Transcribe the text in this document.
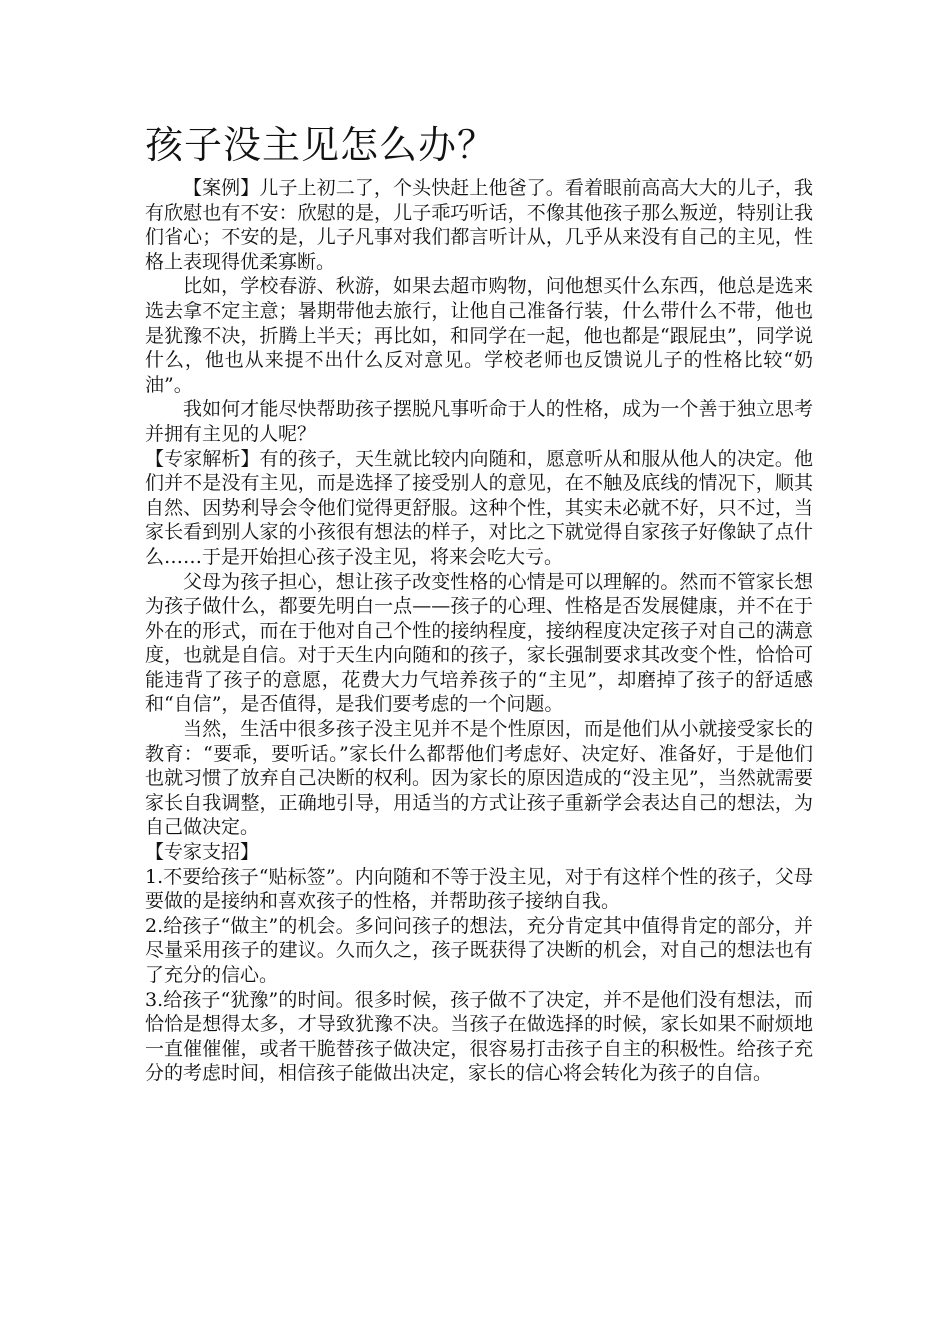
孩子没主见怎么办？

【案例】儿子上初二了，个头快赶上他爸了。看着眼前高高大大的儿子，我有欣慰也有不安：欣慰的是，儿子乖巧听话，不像其他孩子那么叛逆，特别让我们省心；不安的是，儿子凡事对我们都言听计从，几乎从来没有自己的主见，性格上表现得优柔寡断。

比如，学校春游、秋游，如果去超市购物，问他想买什么东西，他总是选来选去拿不定主意；暑期带他去旅行，让他自己准备行装，什么带什么不带，他也是犹豫不决，折腾上半天；再比如，和同学在一起，他也都是“跟屁虫”，同学说什么，他也从来提不出什么反对意见。学校老师也反馈说儿子的性格比较“奶油”。

我如何才能尽快帮助孩子摆脱凡事听命于人的性格，成为一个善于独立思考并拥有主见的人呢？

【专家解析】有的孩子，天生就比较内向随和，愿意听从和服从他人的决定。他们并不是没有主见，而是选择了接受别人的意见，在不触及底线的情况下，顺其自然、因势利导会令他们觉得更舒服。这种个性，其实未必就不好，只不过，当家长看到别人家的小孩很有想法的样子，对比之下就觉得自家孩子好像缺了点什么……于是开始担心孩子没主见，将来会吃大亏。

父母为孩子担心，想让孩子改变性格的心情是可以理解的。然而不管家长想为孩子做什么，都要先明白一点——孩子的心理、性格是否发展健康，并不在于外在的形式，而在于他对自己个性的接纳程度，接纳程度决定孩子对自己的满意度，也就是自信。对于天生内向随和的孩子，家长强制要求其改变个性，恰恰可能违背了孩子的意愿，花费大力气培养孩子的“主见”，却磨掉了孩子的舒适感和“自信”，是否值得，是我们要考虑的一个问题。

当然，生活中很多孩子没主见并不是个性原因，而是他们从小就接受家长的教育：“要乖，要听话。”家长什么都帮他们考虑好、决定好、准备好，于是他们也就习惯了放弃自己决断的权利。因为家长的原因造成的“没主见”，当然就需要家长自我调整，正确地引导，用适当的方式让孩子重新学会表达自己的想法，为自己做决定。

【专家支招】

1.不要给孩子“贴标签”。内向随和不等于没主见，对于有这样个性的孩子，父母要做的是接纳和喜欢孩子的性格，并帮助孩子接纳自我。

2.给孩子“做主”的机会。多问问孩子的想法，充分肯定其中值得肯定的部分，并尽量采用孩子的建议。久而久之，孩子既获得了决断的机会，对自己的想法也有了充分的信心。

3.给孩子“犹豫”的时间。很多时候，孩子做不了决定，并不是他们没有想法，而恰恰是想得太多，才导致犹豫不决。当孩子在做选择的时候，家长如果不耐烦地一直催催催，或者干脆替孩子做决定，很容易打击孩子自主的积极性。给孩子充分的考虑时间，相信孩子能做出决定，家长的信心将会转化为孩子的自信。
